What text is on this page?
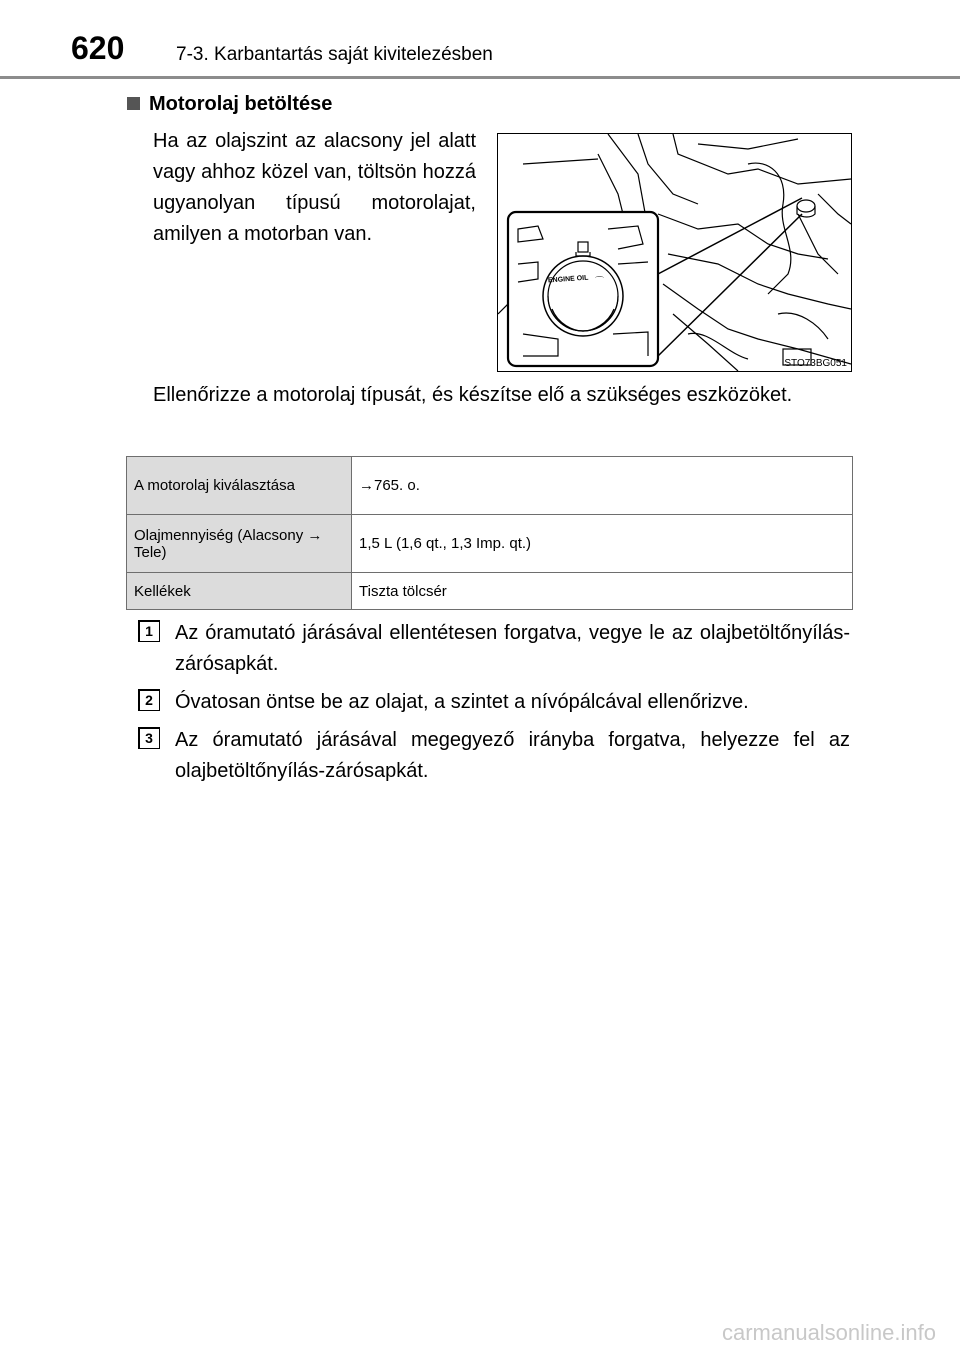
620	7-3. Karbantartás saját kivitelezésben
Motorolaj betöltése
Ha az olajszint az alacsony jel alatt vagy ahhoz közel van, töltsön hozzá ugyanolyan típusú motorolajat, amilyen a motorban van.
ENGINE OIL ⌒
STO73BG051
Ellenőrizze a motorolaj típusát, és készítse elő a szükséges eszközöket.
A motorolaj kiválasztása	→765. o.
Olajmennyiség (Alacsony → Tele)	1,5 L (1,6 qt., 1,3 Imp. qt.)
Kellékek	Tiszta tölcsér
1	Az óramutató járásával ellentétesen forgatva, vegye le az olajbetöltőnyílás-zárósapkát.
2	Óvatosan öntse be az olajat, a szintet a nívópálcával ellenőrizve.
3	Az óramutató járásával megegyező irányba forgatva, helyezze fel az olajbetöltőnyílás-zárósapkát.
carmanualsonline.info
